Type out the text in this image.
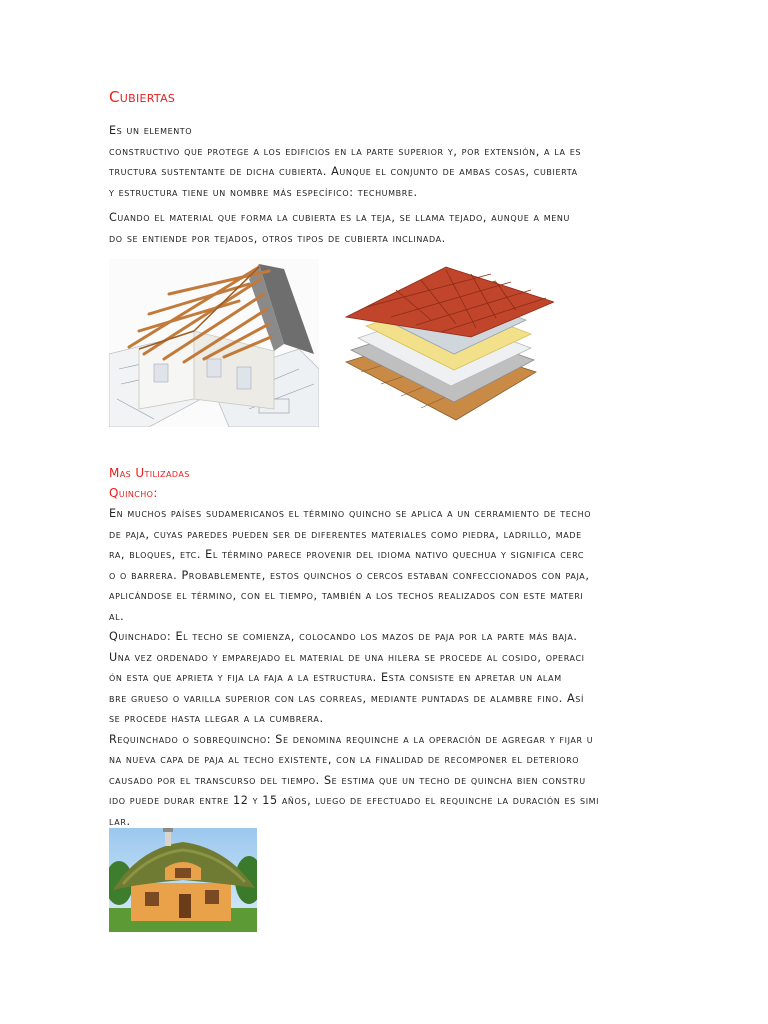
Cubiertas
Es un elemento
constructivo que protege a los edificios en la parte superior y, por extensión, a la es
tructura sustentante de dicha cubierta. Aunque el conjunto de ambas cosas, cubierta
y estructura tiene un nombre más específico: techumbre.
Cuando el material que forma la cubierta es la teja, se llama tejado, aunque a menu
do se entiende por tejados, otros tipos de cubierta inclinada.
Mas Utilizadas
Quincho:
En muchos países sudamericanos el término quincho se aplica a un cerramiento de techo
de paja, cuyas paredes pueden ser de diferentes materiales como piedra, ladrillo, made
ra, bloques, etc. El término parece provenir del idioma nativo quechua y significa cerc
o o barrera. Probablemente, estos quinchos o cercos estaban confeccionados con paja,
aplicándose el término, con el tiempo, también a los techos realizados con este materi
al.
Quinchado: El techo se comienza, colocando los mazos de paja por la parte más baja.
Una vez ordenado y emparejado el material de una hilera se procede al cosido, operaci
ón esta que aprieta y fija la faja a la estructura. Esta consiste en apretar un alam
bre grueso o varilla superior con las correas, mediante puntadas de alambre fino. Así
se procede hasta llegar a la cumbrera.
Requinchado o sobrequincho: Se denomina requinche a la operación de agregar y fijar u
na nueva capa de paja al techo existente, con la finalidad de recomponer el deterioro
causado por el transcurso del tiempo. Se estima que un techo de quincha bien constru
ido puede durar entre 12 y 15 años, luego de efectuado el requinche la duración es simi
lar.
